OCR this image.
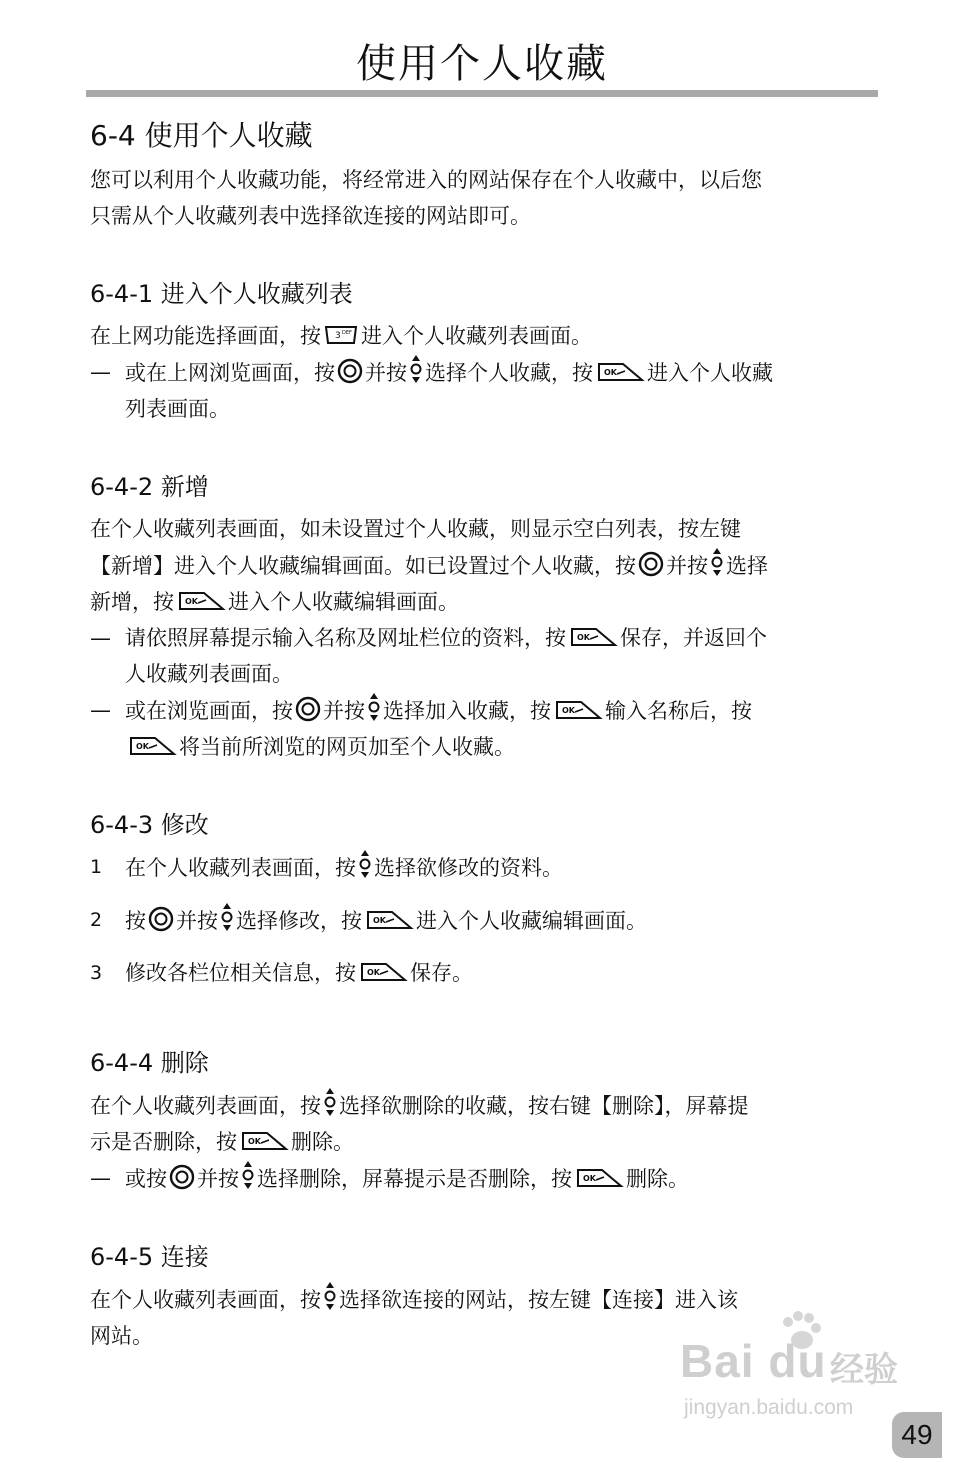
使用个人收藏
6-4 使用个人收藏

您可以利用个人收藏功能，将经常进入的网站保存在个人收藏中，以后您

只需从个人收藏列表中选择欲连接的网站即可。

6-4-1 进入个人收藏列表

在上网功能选择画面，按 进入个人收藏列表画面。

— 或在上网浏览画面，按 并按 选择个人收藏，按	进入个人收藏
列表画面。
6-4-2 新增

在个人收藏列表画面，如未设置过个人收藏，则显示空白列表，按左键

【新增】进入个人收藏编辑画面。如已设置过个人收藏，按 并按 选择

新增，按	进入个人收藏编辑画面。

— 请依照屏幕提示输入名称及网址栏位的资料，按	保存，并返回个
人收藏列表画面。
— 或在浏览画面，按 并按 选择加入收藏，按	输入名称后，按

将当前所浏览的网页加至个人收藏。
6-4-3 修改
1 在个人收藏列表画面，按 选择欲修改的资料。
2 按 并按 选择修改，按	进入个人收藏编辑画面。
3 修改各栏位相关信息，按	保存。
6-4-4 删除

在个人收藏列表画面，按 选择欲删除的收藏，按右键【删除】，屏幕提

示是否删除，按	删除。

— 或按 并按 选择删除，屏幕提示是否删除，按	删除。
6-4-5 连接

在个人收藏列表画面，按 选择欲连接的网站，按左键【连接】进入该

网站。	Bai du 经验
jingyan.baidu.com
49
